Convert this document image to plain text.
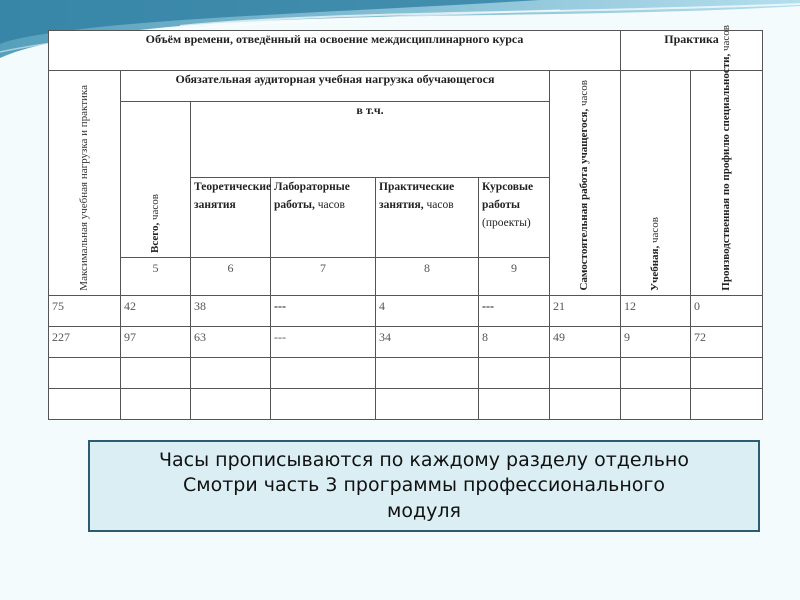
Объём времени, отведённый на освоение междисциплинарного курса							Практика		

Максимальная учебная нагрузка и практика	Обязательная аудиторная учебная нагрузка обучающегося					Самостоятельная работа учащегося, часов	Учебная, часов	Производственная по профилю специальности, часов	

	Всего, часов	в т.ч.							
		Теоретические занятия	Лабораторные работы, часов	Практические занятия, часов	Курсовые работы (проекты)				
	5	6	7	8	9				
75	42	38	---	4	---	21	12	0	
227	97	63	---	34	8	49	9	72	

Часы прописываются по каждому разделу отдельно
Смотри часть 3 программы профессионального
модуля
